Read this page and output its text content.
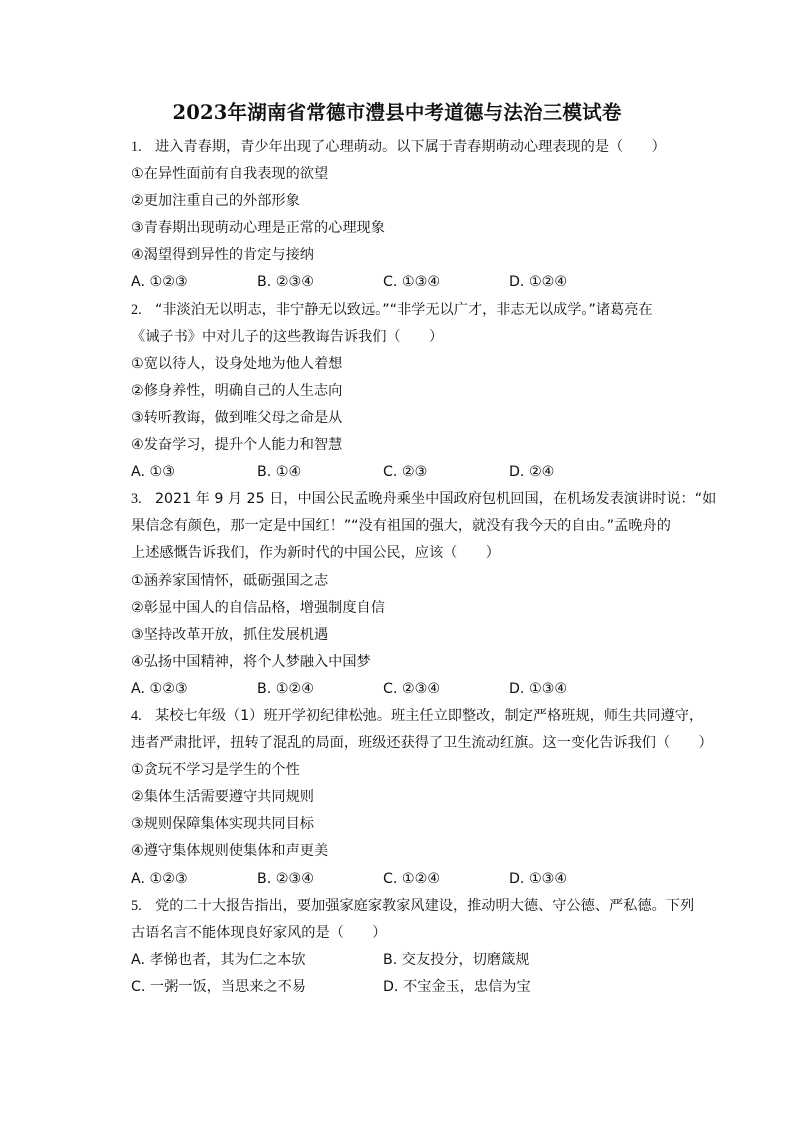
2023年湖南省常德市澧县中考道德与法治三模试卷
1. 进入青春期，青少年出现了心理萌动。以下属于青春期萌动心理表现的是（　　）
①在异性面前有自我表现的欲望
②更加注重自己的外部形象
③青春期出现萌动心理是正常的心理现象
④渴望得到异性的肯定与接纳
A. ①②③	B. ②③④	C. ①③④	D. ①②④
2. “非淡泊无以明志，非宁静无以致远。”“非学无以广才，非志无以成学。”诸葛亮在
《诫子书》中对儿子的这些教诲告诉我们（　　）
①宽以待人，设身处地为他人着想
②修身养性，明确自己的人生志向
③转听教诲，做到唯父母之命是从
④发奋学习，提升个人能力和智慧
A. ①③	B. ①④	C. ②③	D. ②④
3. 2021 年 9 月 25 日，中国公民孟晚舟乘坐中国政府包机回国，在机场发表演讲时说：“如
果信念有颜色，那一定是中国红！”“没有祖国的强大，就没有我今天的自由。”孟晚舟的
上述感慨告诉我们，作为新时代的中国公民，应该（　　）
①涵养家国情怀，砥砺强国之志
②彰显中国人的自信品格，增强制度自信
③坚持改革开放，抓住发展机遇
④弘扬中国精神，将个人梦融入中国梦
A. ①②③	B. ①②④	C. ②③④	D. ①③④
4. 某校七年级（1）班开学初纪律松弛。班主任立即整改，制定严格班规，师生共同遵守，
违者严肃批评，扭转了混乱的局面，班级还获得了卫生流动红旗。这一变化告诉我们（　　）
①贪玩不学习是学生的个性
②集体生活需要遵守共同规则
③规则保障集体实现共同目标
④遵守集体规则使集体和声更美
A. ①②③	B. ②③④	C. ①②④	D. ①③④
5. 党的二十大报告指出，要加强家庭家教家风建设，推动明大德、守公德、严私德。下列
古语名言不能体现良好家风的是（　　）
A. 孝悌也者，其为仁之本欤	B. 交友投分，切磨箴规
C. 一粥一饭，当思来之不易	D. 不宝金玉，忠信为宝
